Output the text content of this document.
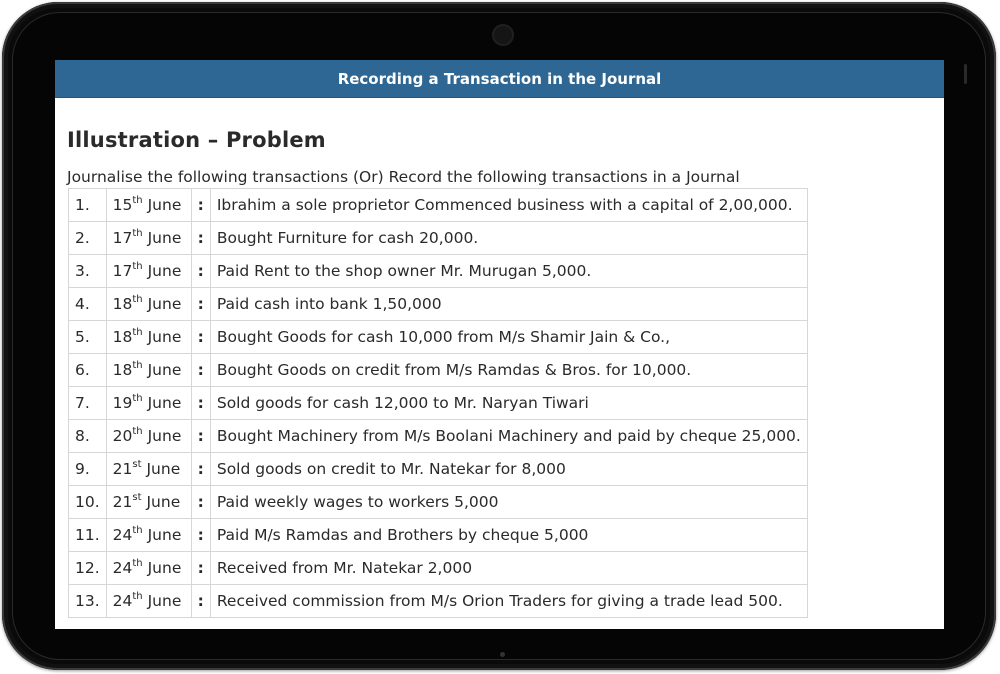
Recording a Transaction in the Journal
Illustration – Problem
Journalise the following transactions (Or) Record the following transactions in a Journal
1.	15th June	:	Ibrahim a sole proprietor Commenced business with a capital of 2,00,000.
2.	17th June	:	Bought Furniture for cash 20,000.
3.	17th June	:	Paid Rent to the shop owner Mr. Murugan 5,000.
4.	18th June	:	Paid cash into bank 1,50,000
5.	18th June	:	Bought Goods for cash 10,000 from M/s Shamir Jain & Co.,
6.	18th June	:	Bought Goods on credit from M/s Ramdas & Bros. for 10,000.
7.	19th June	:	Sold goods for cash 12,000 to Mr. Naryan Tiwari
8.	20th June	:	Bought Machinery from M/s Boolani Machinery and paid by cheque 25,000.
9.	21st June	:	Sold goods on credit to Mr. Natekar for 8,000
10.	21st June	:	Paid weekly wages to workers 5,000
11.	24th June	:	Paid M/s Ramdas and Brothers by cheque 5,000
12.	24th June	:	Received from Mr. Natekar 2,000
13.	24th June	:	Received commission from M/s Orion Traders for giving a trade lead 500.
